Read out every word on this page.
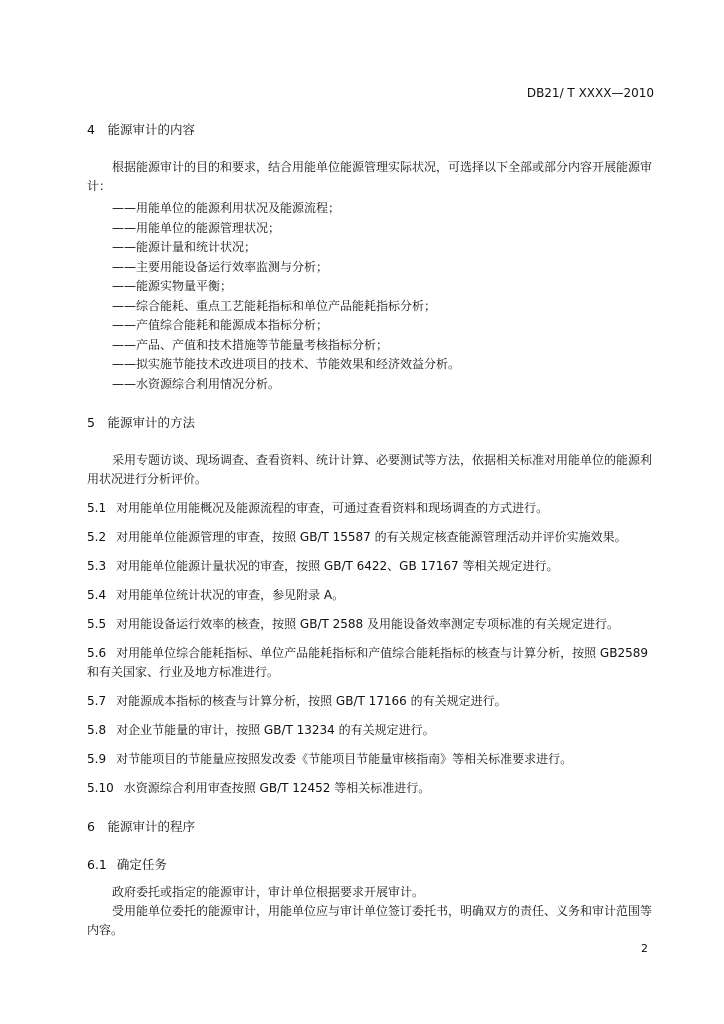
DB21/ T XXXX—2010

4　能源审计的内容

根据能源审计的目的和要求，结合用能单位能源管理实际状况，可选择以下全部或部分内容开展能源审计：

——用能单位的能源利用状况及能源流程；

——用能单位的能源管理状况；

——能源计量和统计状况；

——主要用能设备运行效率监测与分析；

——能源实物量平衡；

——综合能耗、重点工艺能耗指标和单位产品能耗指标分析；

——产值综合能耗和能源成本指标分析；

——产品、产值和技术措施等节能量考核指标分析；

——拟实施节能技术改进项目的技术、节能效果和经济效益分析。

——水资源综合利用情况分析。

5　能源审计的方法

采用专题访谈、现场调查、查看资料、统计计算、必要测试等方法，依据相关标准对用能单位的能源利用状况进行分析评价。

5.1 对用能单位用能概况及能源流程的审查，可通过查看资料和现场调查的方式进行。

5.2 对用能单位能源管理的审查，按照 GB/T 15587 的有关规定核查能源管理活动并评价实施效果。

5.3 对用能单位能源计量状况的审查，按照 GB/T 6422、GB 17167 等相关规定进行。

5.4 对用能单位统计状况的审查，参见附录 A。

5.5 对用能设备运行效率的核查，按照 GB/T 2588 及用能设备效率测定专项标准的有关规定进行。

5.6 对用能单位综合能耗指标、单位产品能耗指标和产值综合能耗指标的核查与计算分析，按照 GB2589 和有关国家、行业及地方标准进行。

5.7 对能源成本指标的核查与计算分析，按照 GB/T 17166 的有关规定进行。

5.8 对企业节能量的审计，按照 GB/T 13234 的有关规定进行。

5.9 对节能项目的节能量应按照发改委《节能项目节能量审核指南》等相关标准要求进行。

5.10 水资源综合利用审查按照 GB/T 12452 等相关标准进行。

6　能源审计的程序

6.1 确定任务

政府委托或指定的能源审计，审计单位根据要求开展审计。

受用能单位委托的能源审计，用能单位应与审计单位签订委托书，明确双方的责任、义务和审计范围等内容。

2
